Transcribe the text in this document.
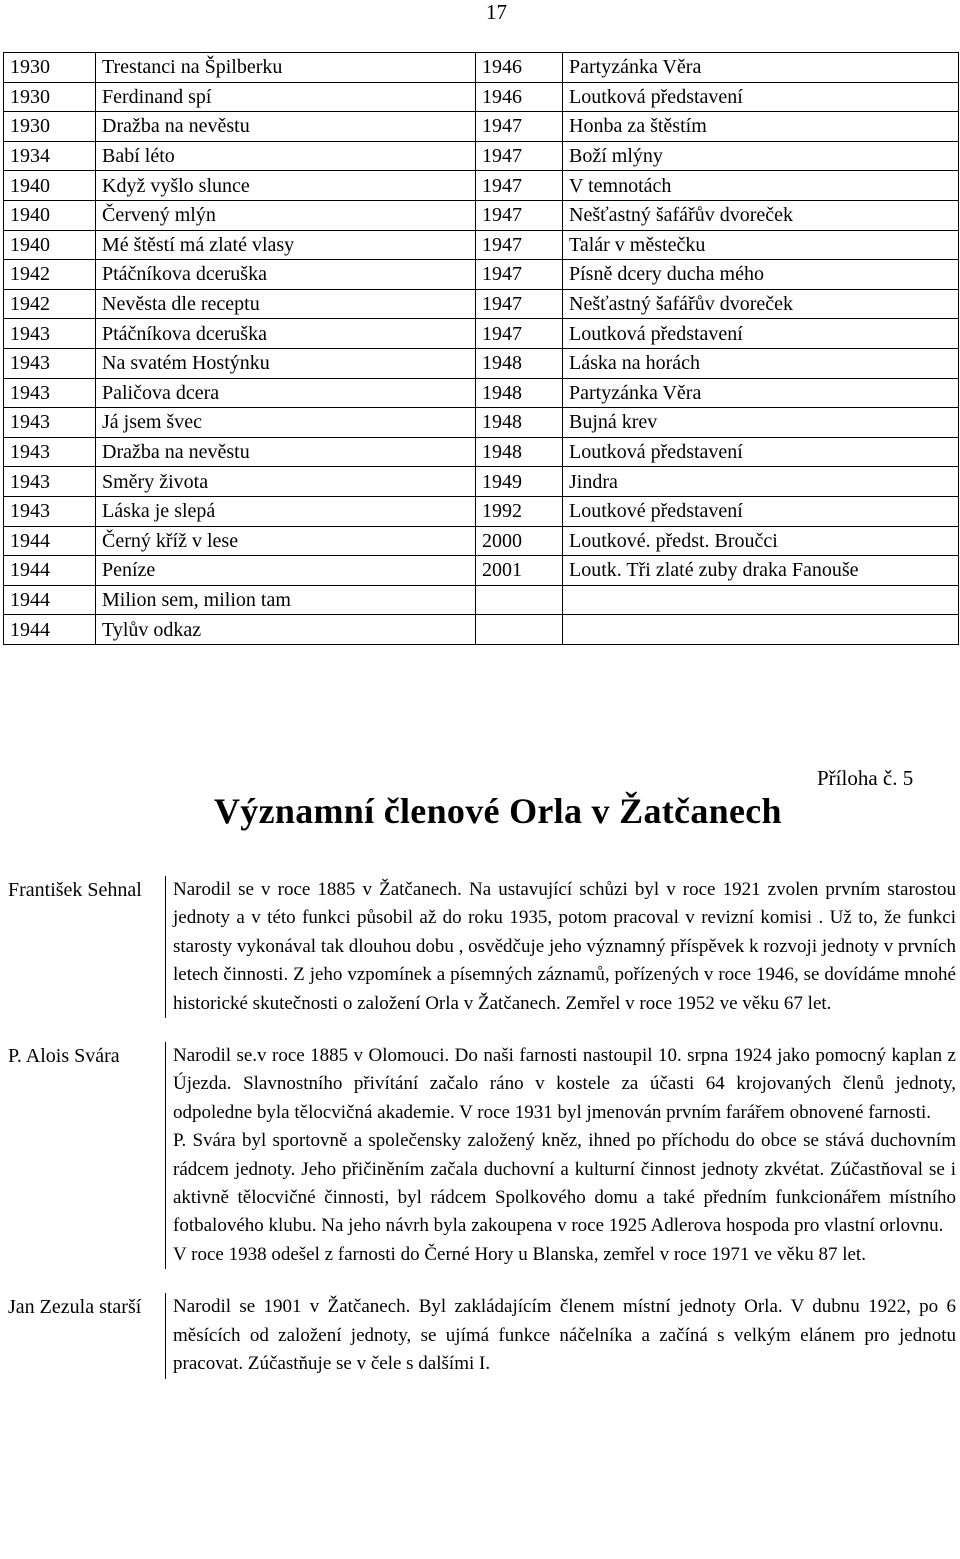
17
1930	Trestanci na Špilberku	1946	Partyzánka Věra
1930	Ferdinand spí	1946	Loutková představení
1930	Dražba na nevěstu	1947	Honba za štěstím
1934	Babí léto	1947	Boží mlýny
1940	Když vyšlo slunce	1947	V temnotách
1940	Červený mlýn	1947	Nešťastný šafářův dvoreček
1940	Mé štěstí má zlaté vlasy	1947	Talár v městečku
1942	Ptáčníkova dceruška	1947	Písně dcery ducha mého
1942	Nevěsta dle receptu	1947	Nešťastný šafářův dvoreček
1943	Ptáčníkova dceruška	1947	Loutková představení
1943	Na svatém Hostýnku	1948	Láska na horách
1943	Paličova dcera	1948	Partyzánka Věra
1943	Já jsem švec	1948	Bujná krev
1943	Dražba na nevěstu	1948	Loutková představení
1943	Směry života	1949	Jindra
1943	Láska je slepá	1992	Loutkové představení
1944	Černý kříž v lese	2000	Loutkové. předst. Broučci
1944	Peníze	2001	Loutk. Tři zlaté zuby draka Fanouše
1944	Milion sem, milion tam		
1944	Tylův odkaz		
Příloha č. 5
Významní členové Orla v Žatčanech
František Sehnal	Narodil se v roce 1885 v Žatčanech. Na ustavující schůzi byl v roce 1921 zvolen prvním starostou jednoty a v této funkci působil až do roku 1935, potom pracoval v revizní komisi . Už to, že funkci starosty vykonával tak dlouhou dobu , osvědčuje jeho významný příspěvek k rozvoji jednoty v prvních letech činnosti. Z jeho vzpomínek a písemných záznamů, pořízených v roce 1946, se dovídáme mnohé historické skutečnosti o založení Orla v Žatčanech. Zemřel v roce 1952 ve věku 67 let.

P. Alois Svára	Narodil se.v roce 1885 v Olomouci. Do naši farnosti nastoupil 10. srpna 1924 jako pomocný kaplan z Újezda. Slavnostního přivítání začalo ráno v kostele za účasti 64 krojovaných členů jednoty, odpoledne byla tělocvičná akademie. V roce 1931 byl jmenován prvním farářem obnovené farnosti.

P. Svára byl sportovně a společensky založený kněz, ihned po příchodu do obce se stává duchovním rádcem jednoty. Jeho přičiněním začala duchovní a kulturní činnost jednoty zkvétat. Zúčastňoval se i aktivně tělocvičné činnosti, byl rádcem Spolkového domu a také předním funkcionářem místního fotbalového klubu. Na jeho návrh byla zakoupena v roce 1925 Adlerova hospoda pro vlastní orlovnu.

V roce 1938 odešel z farnosti do Černé Hory u Blanska, zemřel v roce 1971 ve věku 87 let.

Jan Zezula starší	Narodil se 1901 v Žatčanech. Byl zakládajícím členem místní jednoty Orla. V dubnu 1922, po 6 měsících od založení jednoty, se ujímá funkce náčelníka a začíná s velkým elánem pro jednotu pracovat. Zúčastňuje se v čele s dalšími I.
